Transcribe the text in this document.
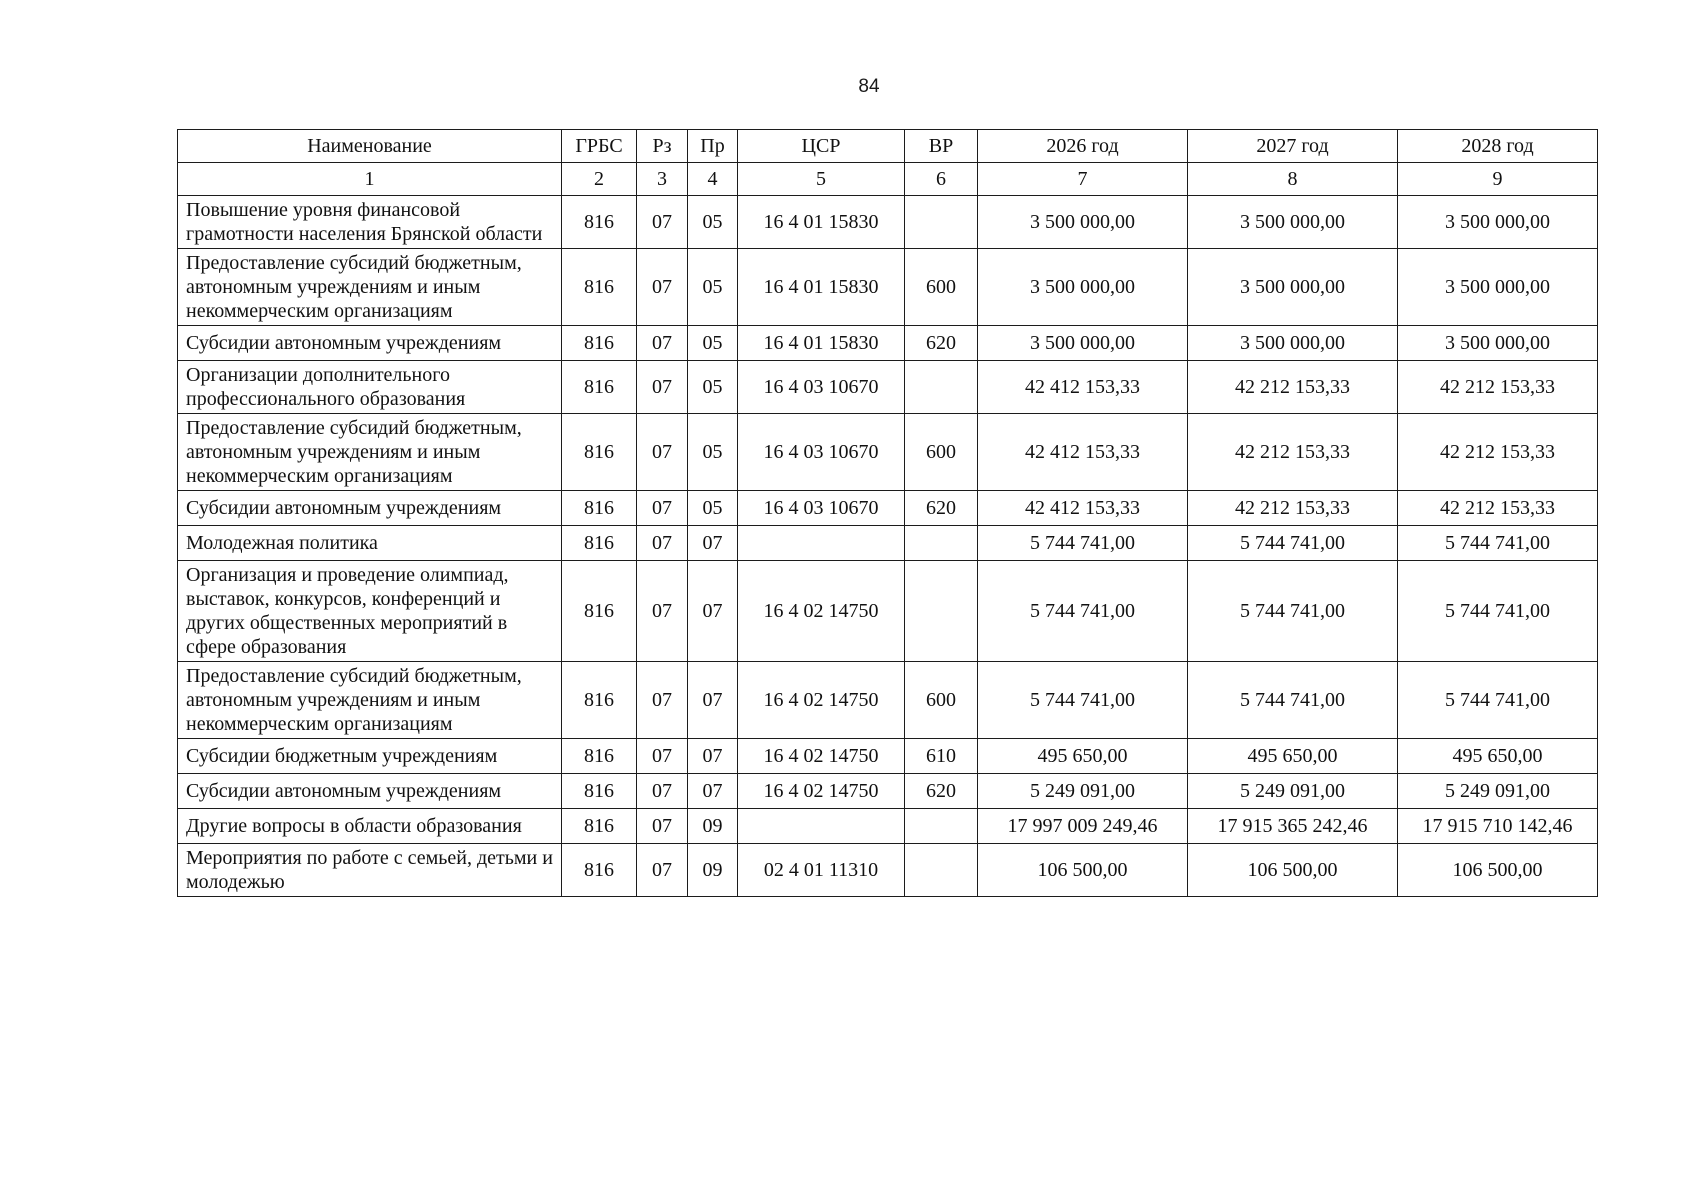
84
Наименование	ГРБС	Рз	Пр	ЦСР	ВР	2026 год	2027 год	2028 год
1	2	3	4	5	6	7	8	9
Повышение уровня финансовой грамотности населения Брянской области	816	07	05	16 4 01 15830		3 500 000,00	3 500 000,00	3 500 000,00
Предоставление субсидий бюджетным, автономным учреждениям и иным некоммерческим организациям	816	07	05	16 4 01 15830	600	3 500 000,00	3 500 000,00	3 500 000,00
Субсидии автономным учреждениям	816	07	05	16 4 01 15830	620	3 500 000,00	3 500 000,00	3 500 000,00
Организации дополнительного профессионального образования	816	07	05	16 4 03 10670		42 412 153,33	42 212 153,33	42 212 153,33
Предоставление субсидий бюджетным, автономным учреждениям и иным некоммерческим организациям	816	07	05	16 4 03 10670	600	42 412 153,33	42 212 153,33	42 212 153,33
Субсидии автономным учреждениям	816	07	05	16 4 03 10670	620	42 412 153,33	42 212 153,33	42 212 153,33
Молодежная политика	816	07	07			5 744 741,00	5 744 741,00	5 744 741,00
Организация и проведение олимпиад, выставок, конкурсов, конференций и других общественных мероприятий в сфере образования	816	07	07	16 4 02 14750		5 744 741,00	5 744 741,00	5 744 741,00
Предоставление субсидий бюджетным, автономным учреждениям и иным некоммерческим организациям	816	07	07	16 4 02 14750	600	5 744 741,00	5 744 741,00	5 744 741,00
Субсидии бюджетным учреждениям	816	07	07	16 4 02 14750	610	495 650,00	495 650,00	495 650,00
Субсидии автономным учреждениям	816	07	07	16 4 02 14750	620	5 249 091,00	5 249 091,00	5 249 091,00
Другие вопросы в области образования	816	07	09			17 997 009 249,46	17 915 365 242,46	17 915 710 142,46
Мероприятия по работе с семьей, детьми и молодежью	816	07	09	02 4 01 11310		106 500,00	106 500,00	106 500,00
